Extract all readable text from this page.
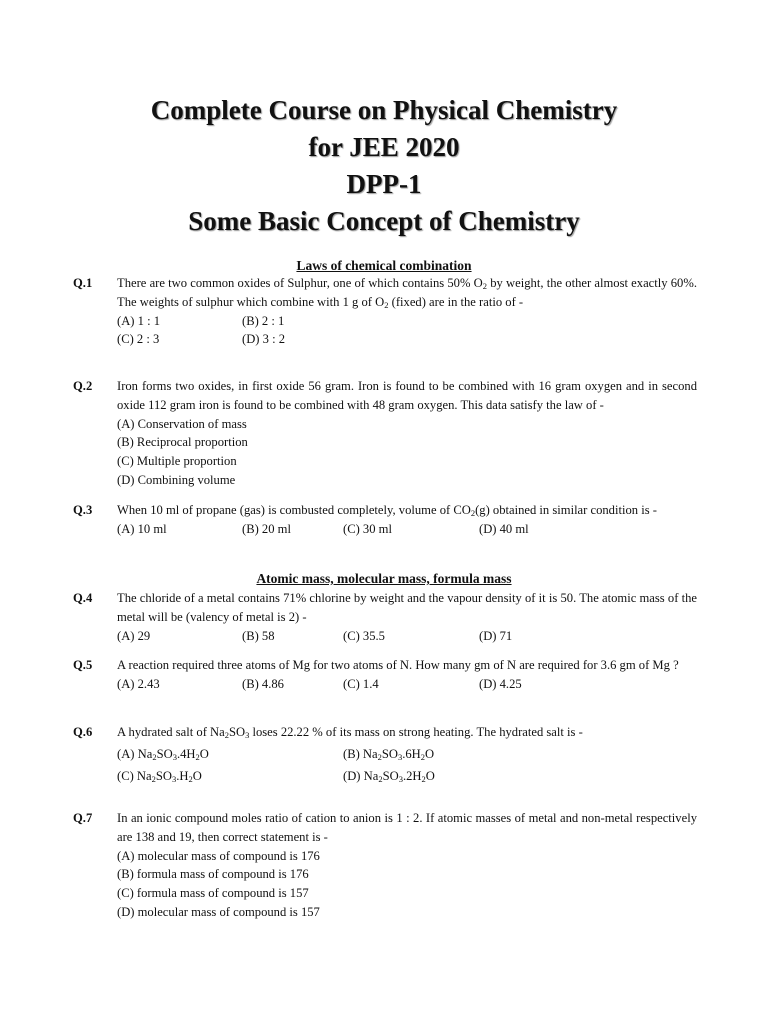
Complete Course on Physical Chemistry
for JEE 2020
DPP-1
Some Basic Concept of Chemistry
Laws of chemical combination
Q.1 There are two common oxides of Sulphur, one of which contains 50% $O_2$ by weight, the other almost exactly 60%. The weights of sulphur which combine with 1 g of $O_2$ (fixed) are in the ratio of -
(A) 1 : 1	(B) 2 : 1
(C) 2 : 3	(D) 3 : 2
Q.2 Iron forms two oxides, in first oxide 56 gram. Iron is found to be combined with 16 gram oxygen and in second oxide 112 gram iron is found to be combined with 48 gram oxygen. This data satisfy the law of -
(A) Conservation of mass
(B) Reciprocal proportion
(C) Multiple proportion
(D) Combining volume
Q.3 When 10 ml of propane (gas) is combusted completely, volume of $CO_2(g)$ obtained in similar condition is -
(A) 10 ml	(B) 20 ml	(C) 30 ml	(D) 40 ml
Atomic mass, molecular mass, formula mass
Q.4 The chloride of a metal contains 71% chlorine by weight and the vapour density of it is 50. The atomic mass of the metal will be (valency of metal is 2) -
(A) 29	(B) 58	(C) 35.5	(D) 71
Q.5 A reaction required three atoms of Mg for two atoms of N. How many gm of N are required for 3.6 gm of Mg ?
(A) 2.43	(B) 4.86	(C) 1.4	(D) 4.25
Q.6 A hydrated salt of $Na_2SO_3$ loses 22.22 % of its mass on strong heating. The hydrated salt is -
(A) $Na_2SO_3.4H_2O$	(B) $Na_2SO_3.6H_2O$
(C) $Na_2SO_3.H_2O$	(D) $Na_2SO_3.2H_2O$
Q.7 In an ionic compound moles ratio of cation to anion is 1 : 2. If atomic masses of metal and non-metal respectively are 138 and 19, then correct statement is -
(A) molecular mass of compound is 176
(B) formula mass of compound is 176
(C) formula mass of compound is 157
(D) molecular mass of compound is 157
